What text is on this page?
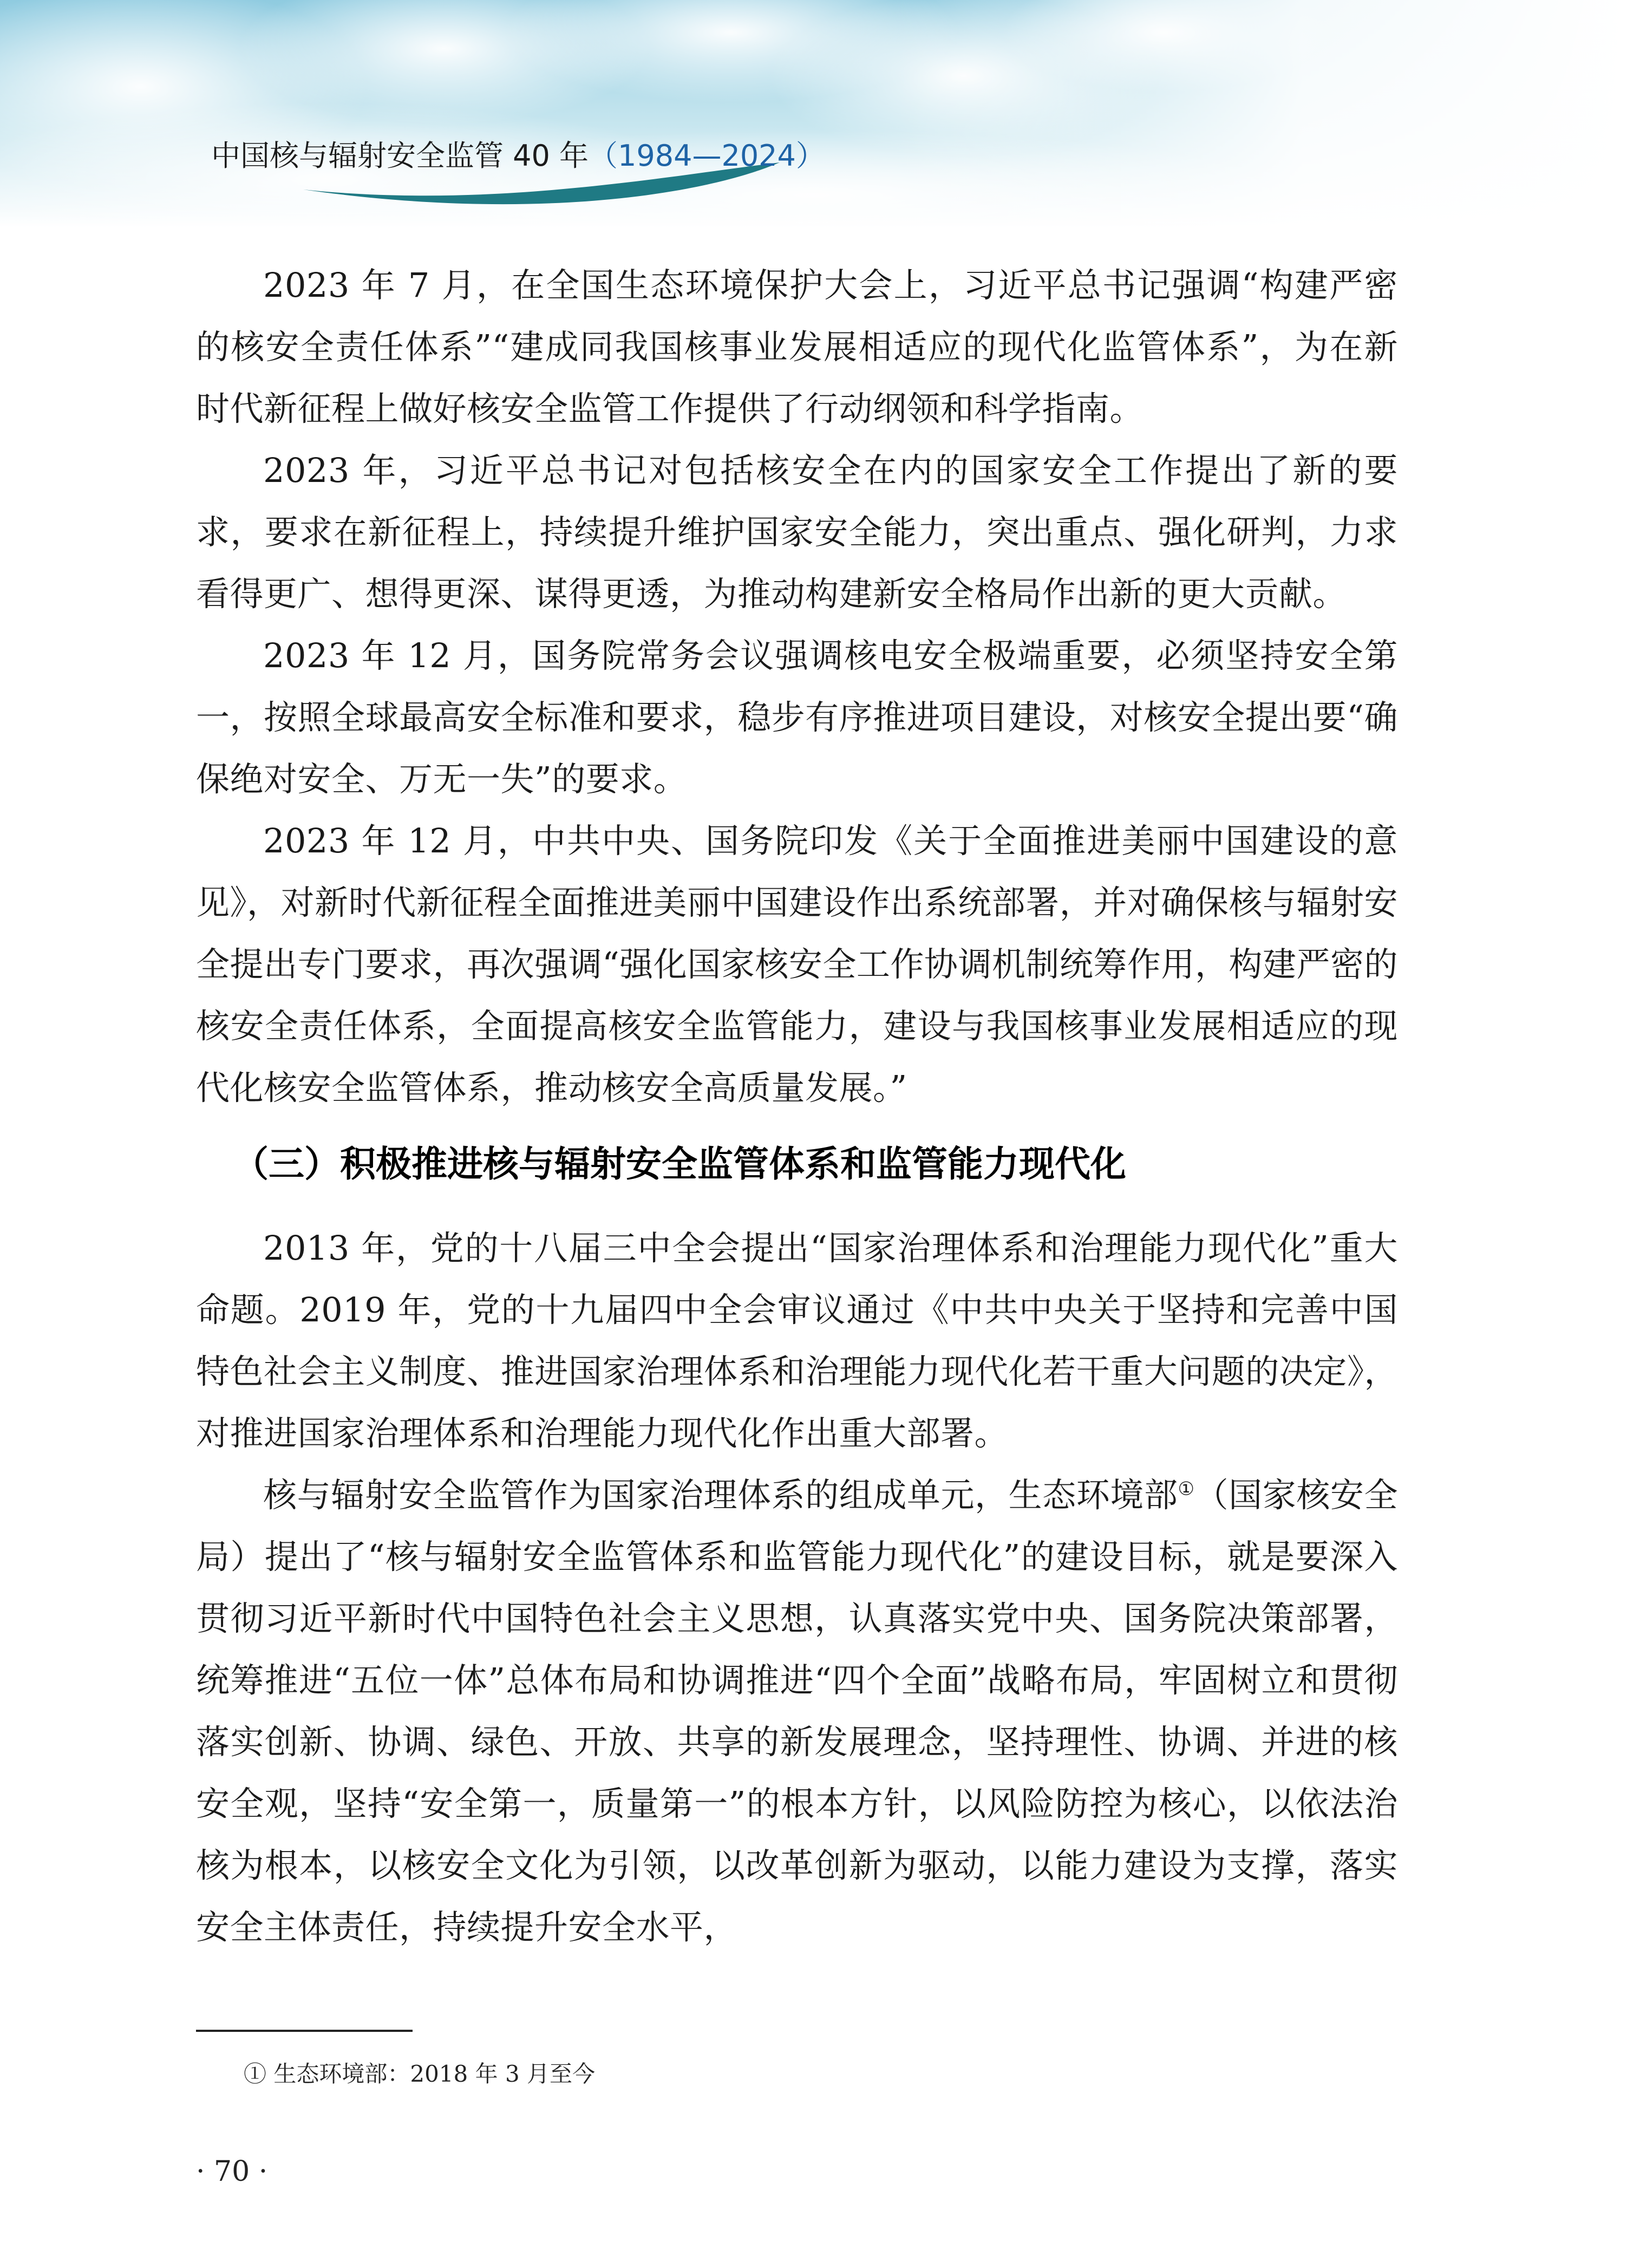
中国核与辐射安全监管 40 年（1984—2024）

2023 年 7 月，在全国生态环境保护大会上，习近平总书记强调“构建严密的核安全责任体系”“建成同我国核事业发展相适应的现代化监管体系”，为在新时代新征程上做好核安全监管工作提供了行动纲领和科学指南。

2023 年，习近平总书记对包括核安全在内的国家安全工作提出了新的要求，要求在新征程上，持续提升维护国家安全能力，突出重点、强化研判，力求看得更广、想得更深、谋得更透，为推动构建新安全格局作出新的更大贡献。

2023 年 12 月，国务院常务会议强调核电安全极端重要，必须坚持安全第一，按照全球最高安全标准和要求，稳步有序推进项目建设，对核安全提出要“确保绝对安全、万无一失”的要求。

2023 年 12 月，中共中央、国务院印发《关于全面推进美丽中国建设的意见》，对新时代新征程全面推进美丽中国建设作出系统部署，并对确保核与辐射安全提出专门要求，再次强调“强化国家核安全工作协调机制统筹作用，构建严密的核安全责任体系，全面提高核安全监管能力，建设与我国核事业发展相适应的现代化核安全监管体系，推动核安全高质量发展。”

（三）积极推进核与辐射安全监管体系和监管能力现代化

2013 年，党的十八届三中全会提出“国家治理体系和治理能力现代化”重大命题。2019 年，党的十九届四中全会审议通过《中共中央关于坚持和完善中国特色社会主义制度、推进国家治理体系和治理能力现代化若干重大问题的决定》，对推进国家治理体系和治理能力现代化作出重大部署。

核与辐射安全监管作为国家治理体系的组成单元，生态环境部①（国家核安全局）提出了“核与辐射安全监管体系和监管能力现代化”的建设目标，就是要深入贯彻习近平新时代中国特色社会主义思想，认真落实党中央、国务院决策部署，统筹推进“五位一体”总体布局和协调推进“四个全面”战略布局，牢固树立和贯彻落实创新、协调、绿色、开放、共享的新发展理念，坚持理性、协调、并进的核安全观，坚持“安全第一，质量第一”的根本方针，以风险防控为核心，以依法治核为根本，以核安全文化为引领，以改革创新为驱动，以能力建设为支撑，落实安全主体责任，持续提升安全水平，

① 生态环境部：2018 年 3 月至今

· 70 ·
